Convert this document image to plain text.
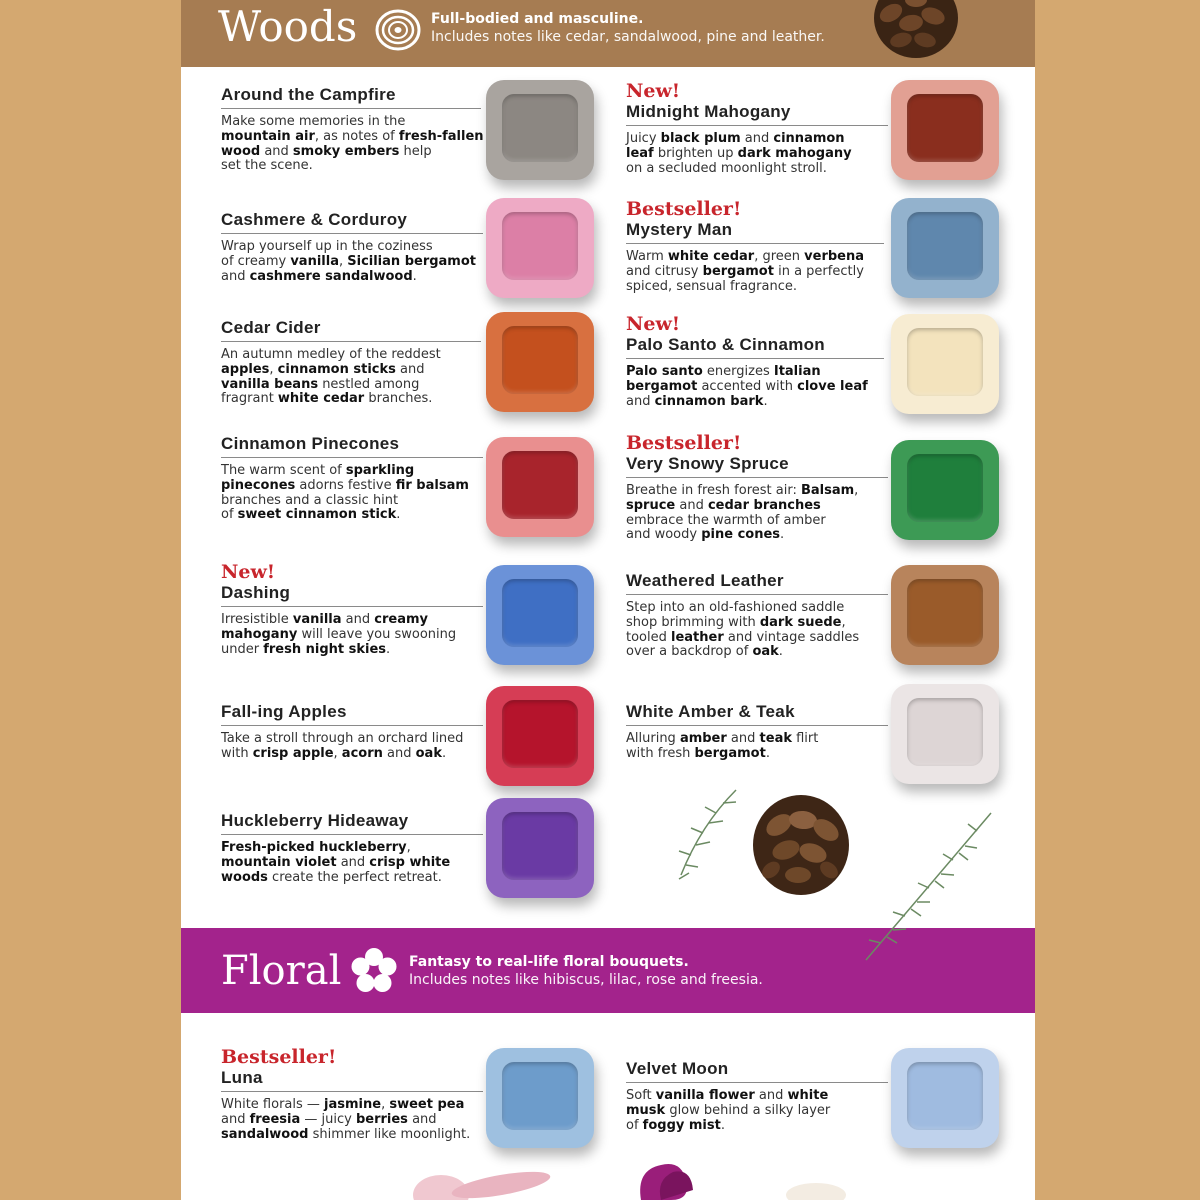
Woods	Full-bodied and masculine.
Includes notes like cedar, sandalwood, pine and leather.
Floral	Fantasy to real-life floral bouquets.
Includes notes like hibiscus, lilac, rose and freesia.
Around the Campfire
Make some memories in the
mountain air, as notes of fresh-fallen
wood and smoky embers help
set the scene.
New!
Midnight Mahogany
Juicy black plum and cinnamon
leaf brighten up dark mahogany
on a secluded moonlight stroll.
Cashmere & Corduroy
Wrap yourself up in the coziness
of creamy vanilla, Sicilian bergamot
and cashmere sandalwood.
Bestseller!
Mystery Man
Warm white cedar, green verbena
and citrusy bergamot in a perfectly
spiced, sensual fragrance.
Cedar Cider
An autumn medley of the reddest
apples, cinnamon sticks and
vanilla beans nestled among
fragrant white cedar branches.
New!
Palo Santo & Cinnamon
Palo santo energizes Italian
bergamot accented with clove leaf
and cinnamon bark.
Cinnamon Pinecones
The warm scent of sparkling
pinecones adorns festive fir balsam
branches and a classic hint
of sweet cinnamon stick.
Bestseller!
Very Snowy Spruce
Breathe in fresh forest air: Balsam,
spruce and cedar branches
embrace the warmth of amber
and woody pine cones.
New!
Dashing
Irresistible vanilla and creamy
mahogany will leave you swooning
under fresh night skies.
Weathered Leather
Step into an old-fashioned saddle
shop brimming with dark suede,
tooled leather and vintage saddles
over a backdrop of oak.
Fall-ing Apples
Take a stroll through an orchard lined
with crisp apple, acorn and oak.
White Amber & Teak
Alluring amber and teak flirt
with fresh bergamot.
Huckleberry Hideaway
Fresh-picked huckleberry,
mountain violet and crisp white
woods create the perfect retreat.
Bestseller!
Luna
White florals — jasmine, sweet pea
and freesia — juicy berries and
sandalwood shimmer like moonlight.
Velvet Moon
Soft vanilla flower and white
musk glow behind a silky layer
of foggy mist.
